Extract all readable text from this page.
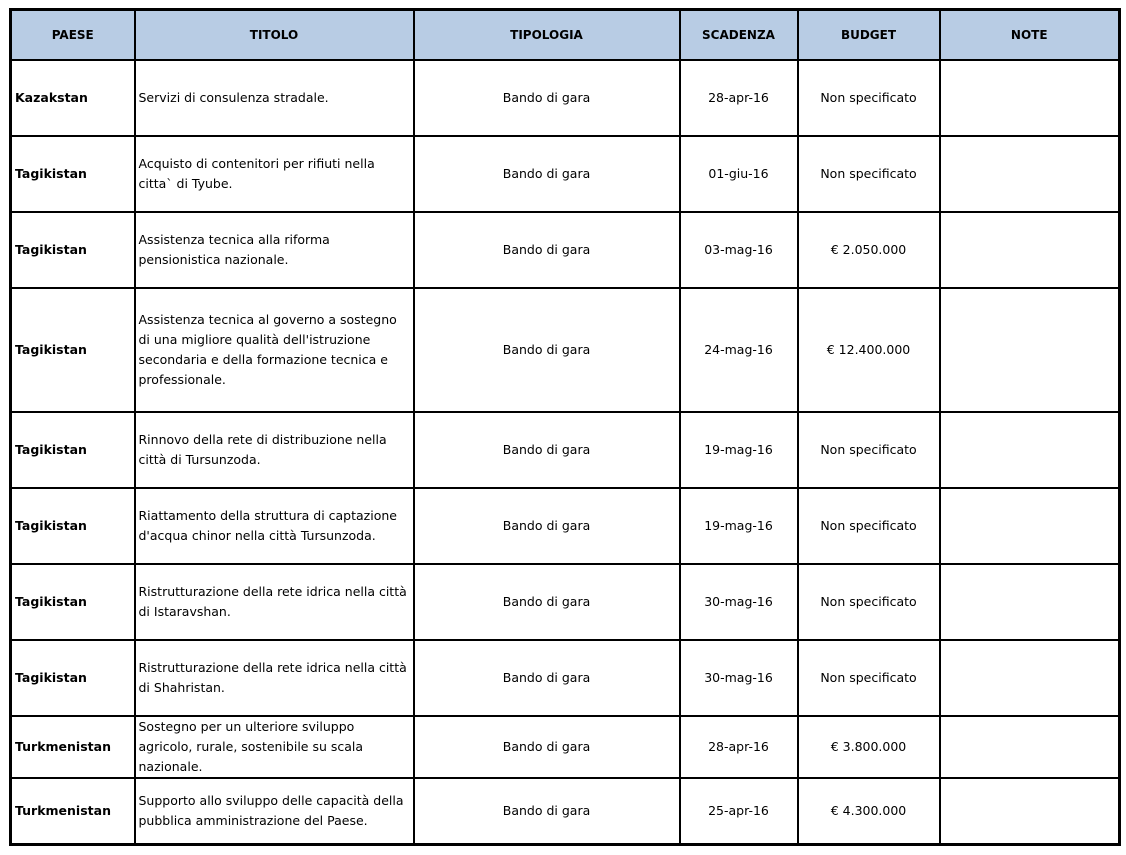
PAESE	TITOLO	TIPOLOGIA	SCADENZA	BUDGET	NOTE
Kazakstan	Servizi di consulenza stradale.	Bando di gara	28-apr-16	Non specificato	
Tagikistan	Acquisto di contenitori per rifiuti nella citta` di Tyube.	Bando di gara	01-giu-16	Non specificato	
Tagikistan	Assistenza tecnica alla riforma pensionistica nazionale.	Bando di gara	03-mag-16	€ 2.050.000	
Tagikistan	Assistenza tecnica al governo a sostegno di una migliore qualità dell'istruzione secondaria e della formazione tecnica e professionale.	Bando di gara	24-mag-16	€ 12.400.000	
Tagikistan	Rinnovo della rete di distribuzione nella città di Tursunzoda.	Bando di gara	19-mag-16	Non specificato	
Tagikistan	Riattamento della struttura di captazione d'acqua chinor nella città Tursunzoda.	Bando di gara	19-mag-16	Non specificato	
Tagikistan	Ristrutturazione della rete idrica nella città di Istaravshan.	Bando di gara	30-mag-16	Non specificato	
Tagikistan	Ristrutturazione della rete idrica nella città di Shahristan.	Bando di gara	30-mag-16	Non specificato	
Turkmenistan	Sostegno per un ulteriore sviluppo agricolo, rurale, sostenibile su scala nazionale.	Bando di gara	28-apr-16	€ 3.800.000	
Turkmenistan	Supporto allo sviluppo delle capacità della pubblica amministrazione del Paese.	Bando di gara	25-apr-16	€ 4.300.000	
